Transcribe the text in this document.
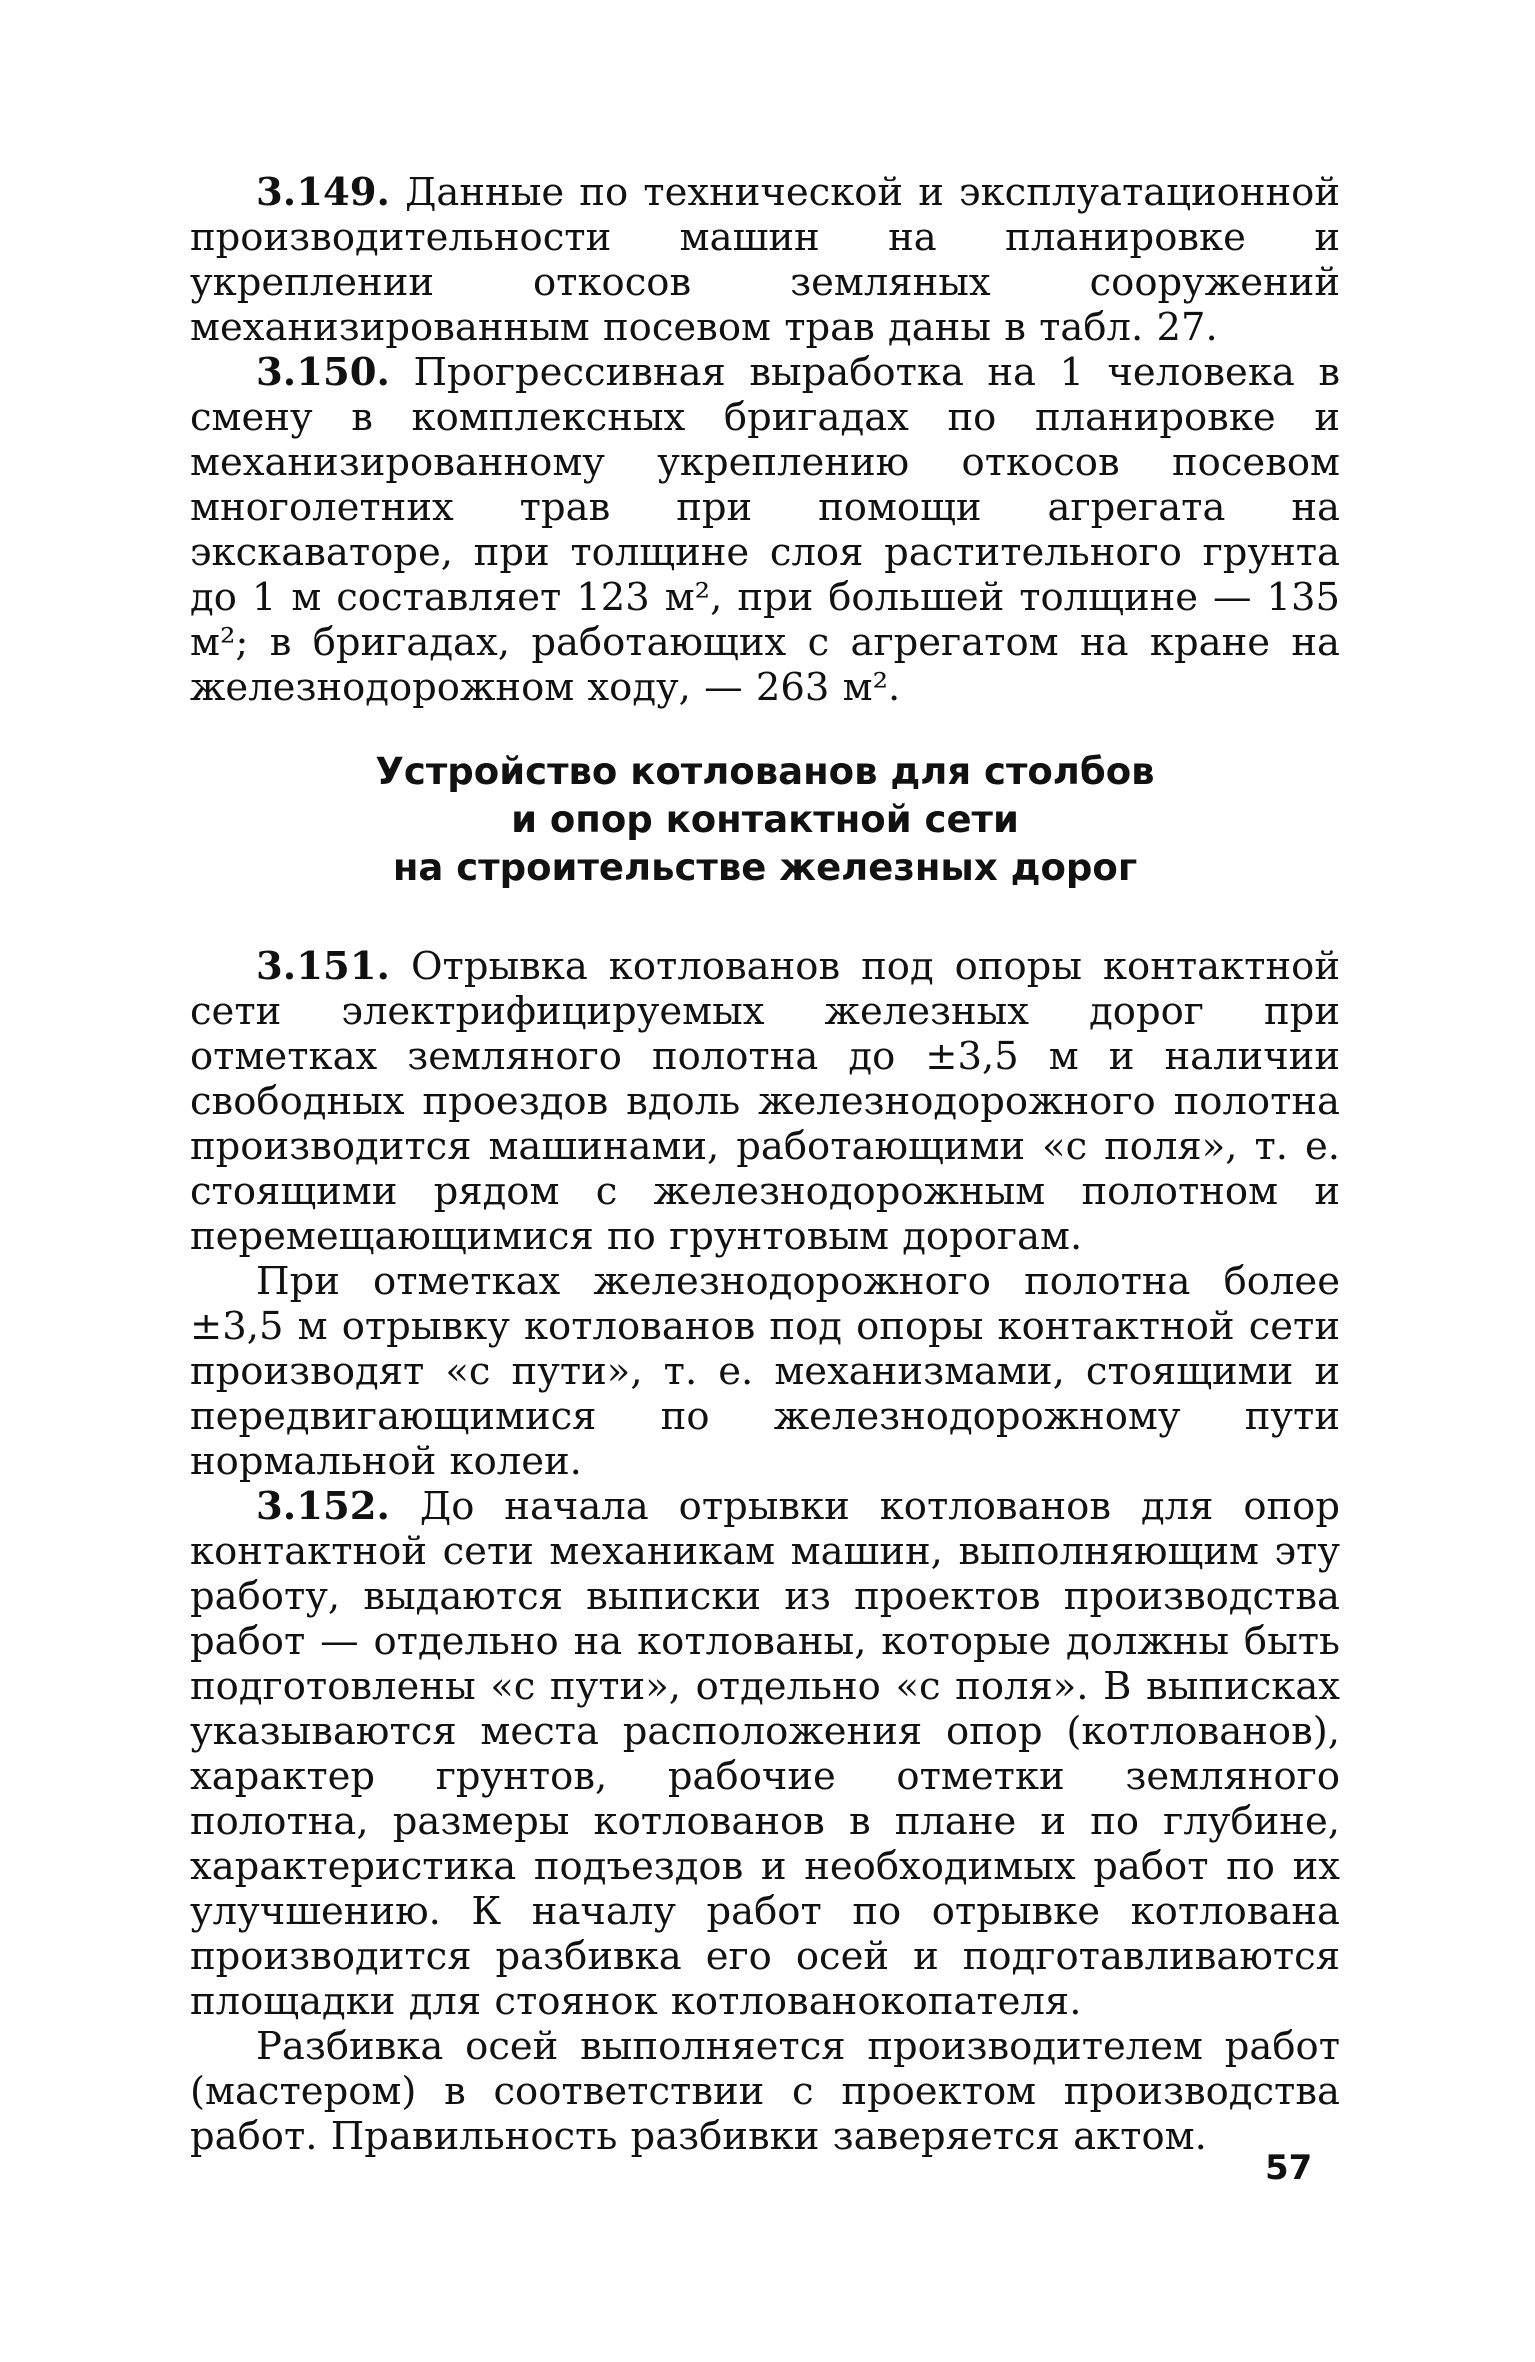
3.149. Данные по технической и эксплуатационной производительности машин на планировке и укреплении откосов земляных сооружений механизированным посевом трав даны в табл. 27.

3.150. Прогрессивная выработка на 1 человека в смену в комплексных бригадах по планировке и механизированному укреплению откосов посевом многолетних трав при помощи агрегата на экскаваторе, при толщине слоя растительного грунта до 1 м составляет 123 м², при большей толщине — 135 м²; в бригадах, работающих с агрегатом на кране на железнодорожном ходу, — 263 м².

Устройство котлованов для столбов
и опор контактной сети
на строительстве железных дорог

3.151. Отрывка котлованов под опоры контактной сети электрифицируемых железных дорог при отметках земляного полотна до ±3,5 м и наличии свободных проездов вдоль железнодорожного полотна производится машинами, работающими «с поля», т. е. стоящими рядом с железнодорожным полотном и перемещающимися по грунтовым дорогам.

При отметках железнодорожного полотна более ±3,5 м отрывку котлованов под опоры контактной сети производят «с пути», т. е. механизмами, стоящими и передвигающимися по железнодорожному пути нормальной колеи.

3.152. До начала отрывки котлованов для опор контактной сети механикам машин, выполняющим эту работу, выдаются выписки из проектов производства работ — отдельно на котлованы, которые должны быть подготовлены «с пути», отдельно «с поля». В выписках указываются места расположения опор (котлованов), характер грунтов, рабочие отметки земляного полотна, размеры котлованов в плане и по глубине, характеристика подъездов и необходимых работ по их улучшению. К началу работ по отрывке котлована производится разбивка его осей и подготавливаются площадки для стоянок котлованокопателя.

Разбивка осей выполняется производителем работ (мастером) в соответствии с проектом производства работ. Правильность разбивки заверяется актом.

57
